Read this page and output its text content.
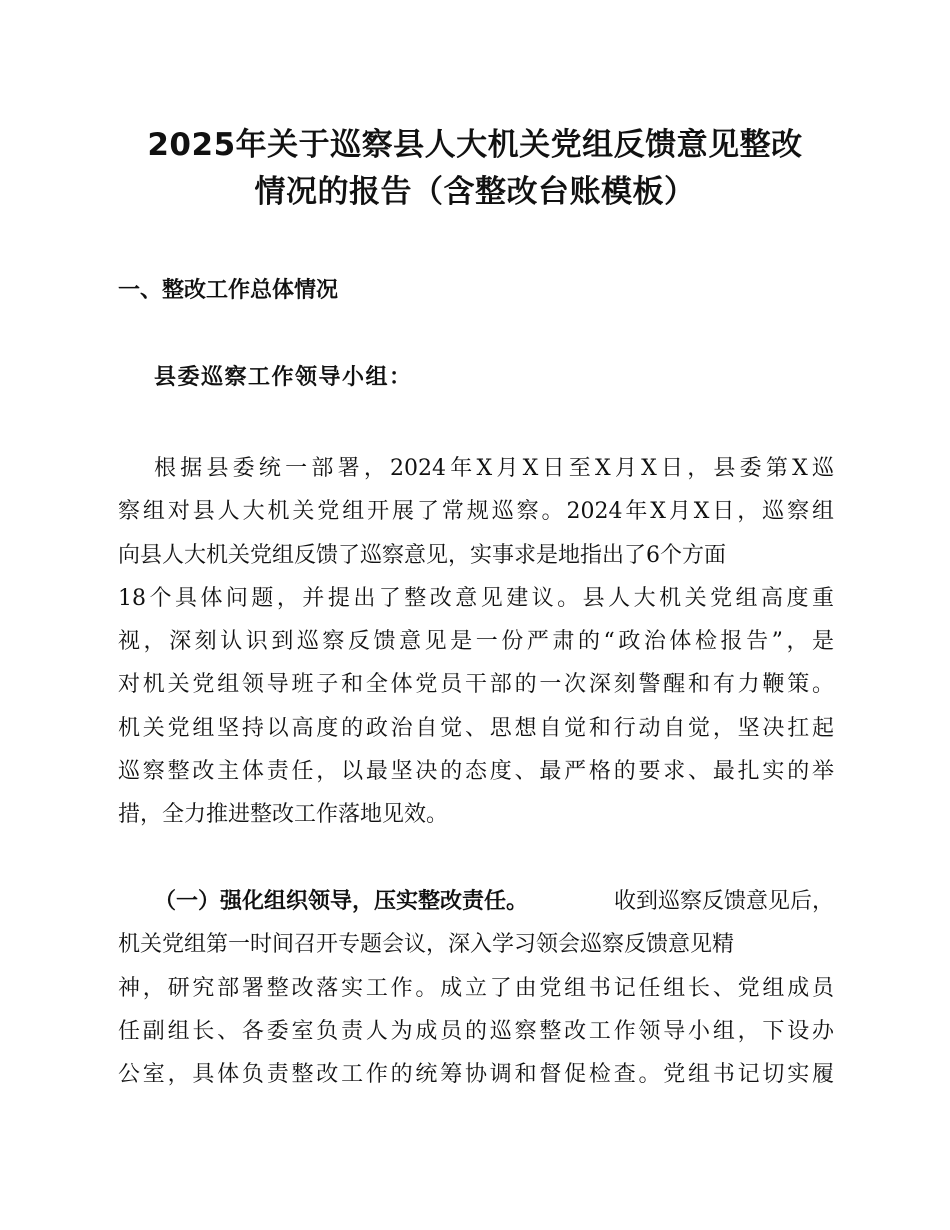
2025年关于巡察县人大机关党组反馈意见整改
情况的报告（含整改台账模板）
一、整改工作总体情况

县委巡察工作领导小组：

根据县委统一部署，2024年X月X日至X月X日，县委第X巡
察组对县人大机关党组开展了常规巡察。2024年X月X日，巡察组
向县人大机关党组反馈了巡察意见，实事求是地指出了6个方面
18个具体问题，并提出了整改意见建议。县人大机关党组高度重
视，深刻认识到巡察反馈意见是一份严肃的“政治体检报告”，是
对机关党组领导班子和全体党员干部的一次深刻警醒和有力鞭策。
机关党组坚持以高度的政治自觉、思想自觉和行动自觉，坚决扛起
巡察整改主体责任，以最坚决的态度、最严格的要求、最扎实的举
措，全力推进整改工作落地见效。
（一）强化组织领导，压实整改责任。	收到巡察反馈意见后，
机关党组第一时间召开专题会议，深入学习领会巡察反馈意见精
神，研究部署整改落实工作。成立了由党组书记任组长、党组成员
任副组长、各委室负责人为成员的巡察整改工作领导小组，下设办
公室，具体负责整改工作的统筹协调和督促检查。党组书记切实履
